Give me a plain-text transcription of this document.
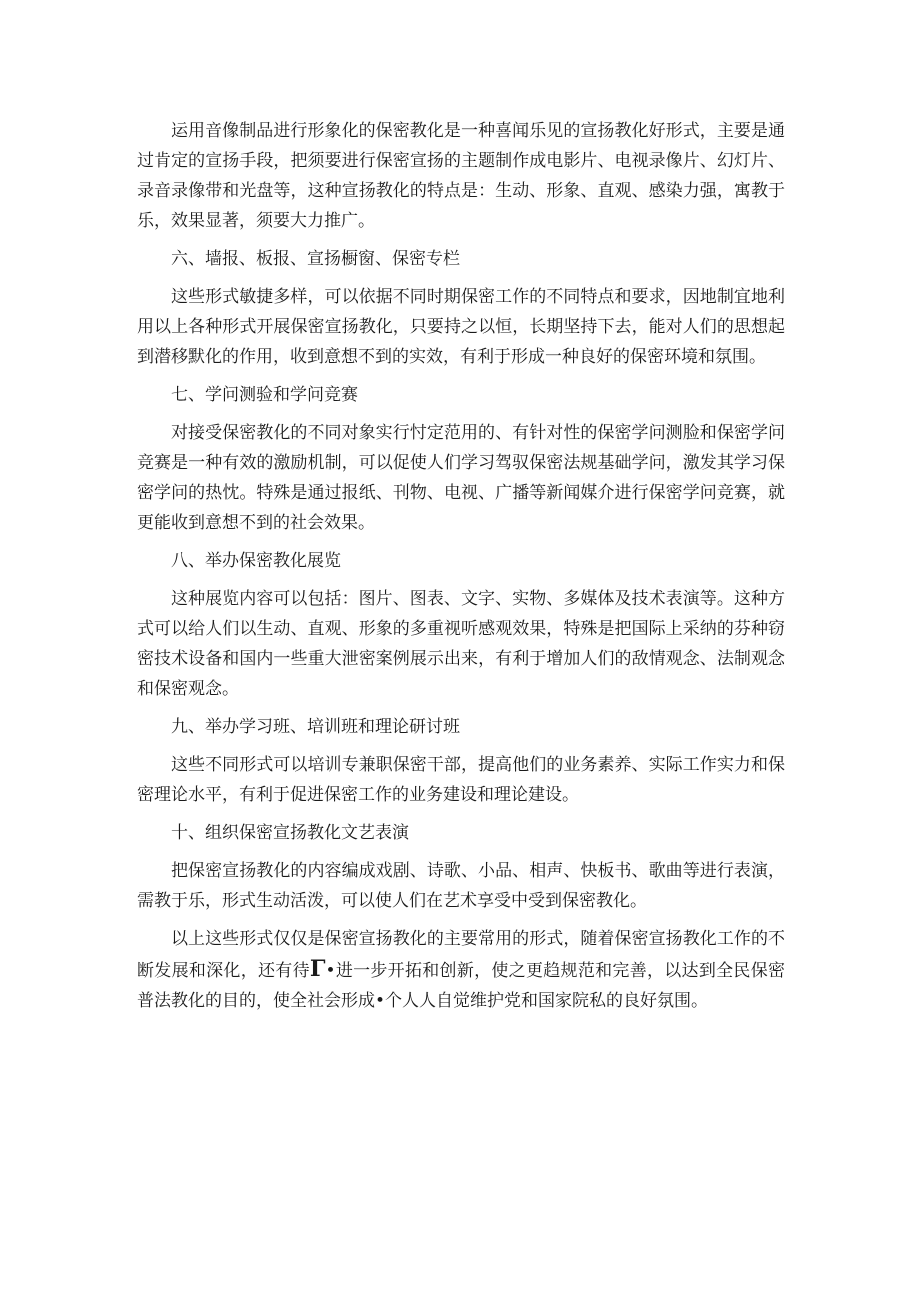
运用音像制品进行形象化的保密教化是一种喜闻乐见的宣扬教化好形式，主要是通过肯定的宣扬手段，把须要进行保密宣扬的主题制作成电影片、电视录像片、幻灯片、录音录像带和光盘等，这种宣扬教化的特点是：生动、形象、直观、感染力强，寓教于乐，效果显著，须要大力推广。

六、墙报、板报、宣扬橱窗、保密专栏

这些形式敏捷多样，可以依据不同时期保密工作的不同特点和要求，因地制宜地利用以上各种形式开展保密宣扬教化，只要持之以恒，长期坚持下去，能对人们的思想起到潜移默化的作用，收到意想不到的实效，有利于形成一种良好的保密环境和氛围。

七、学问测验和学问竞赛

对接受保密教化的不同对象实行忖定范用的、有针对性的保密学问测脸和保密学问竞赛是一种有效的激励机制，可以促使人们学习驾驭保密法规基础学问，激发其学习保密学问的热忱。特殊是通过报纸、刊物、电视、广播等新闻媒介进行保密学问竞赛，就更能收到意想不到的社会效果。

八、举办保密教化展览

这种展览内容可以包括：图片、图表、文字、实物、多媒体及技术表演等。这种方式可以给人们以生动、直观、形象的多重视听感观效果，特殊是把国际上采纳的芬种窃密技术设备和国内一些重大泄密案例展示出来，有利于增加人们的敌情观念、法制观念和保密观念。

九、举办学习班、培训班和理论研讨班

这些不同形式可以培训专兼职保密干部，提高他们的业务素养、实际工作实力和保密理论水平，有利于促进保密工作的业务建设和理论建设。

十、组织保密宣扬教化文艺表演

把保密宣扬教化的内容编成戏剧、诗歌、小品、相声、快板书、歌曲等进行表演，需教于乐，形式生动活泼，可以使人们在艺术享受中受到保密教化。

以上这些形式仅仅是保密宣扬教化的主要常用的形式，随着保密宣扬教化工作的不断发展和深化，还有待Γ•进一步开拓和创新，使之更趋规范和完善，以达到全民保密普法教化的目的，使全社会形成•个人人自觉维护党和国家院私的良好氛围。
